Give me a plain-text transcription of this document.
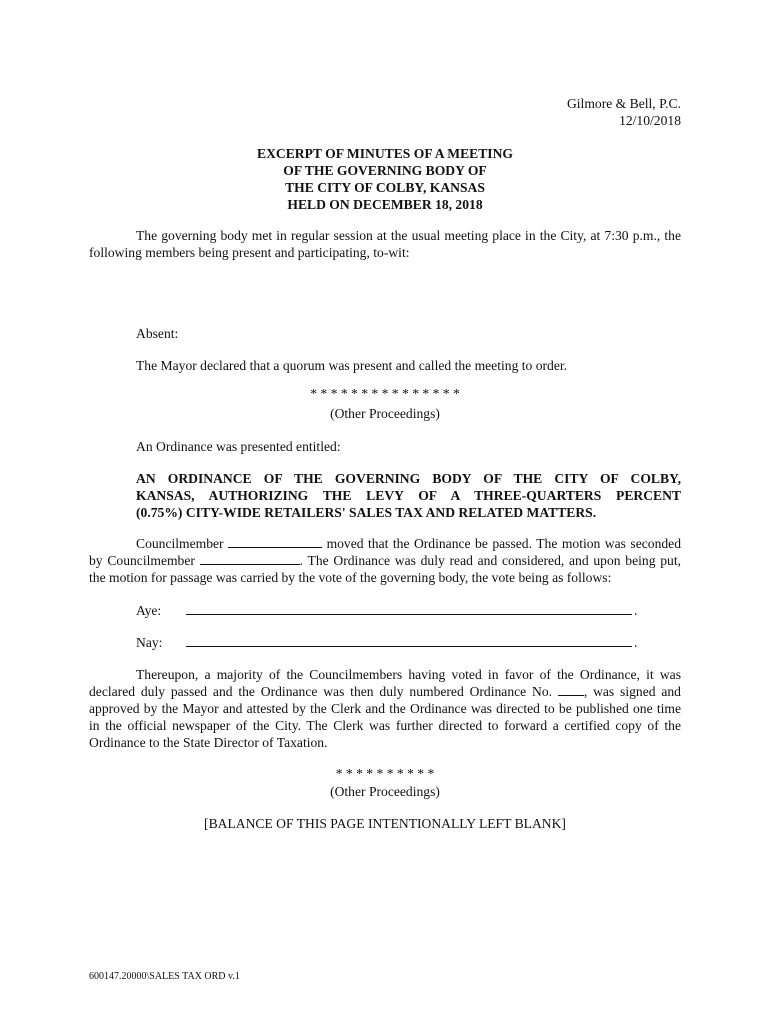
Gilmore & Bell, P.C.
12/10/2018
EXCERPT OF MINUTES OF A MEETING
OF THE GOVERNING BODY OF
THE CITY OF COLBY, KANSAS
HELD ON DECEMBER 18, 2018
The governing body met in regular session at the usual meeting place in the City, at 7:30 p.m., the
following members being present and participating, to-wit:
Absent:
The Mayor declared that a quorum was present and called the meeting to order.
* * * * * * * * * * * * * * *
(Other Proceedings)
An Ordinance was presented entitled:
AN ORDINANCE OF THE GOVERNING BODY OF THE CITY OF COLBY,
KANSAS, AUTHORIZING THE LEVY OF A THREE-QUARTERS PERCENT
(0.75%) CITY-WIDE RETAILERS' SALES TAX AND RELATED MATTERS.
Councilmember	moved that the Ordinance be passed. The motion was seconded
by Councilmember	. The Ordinance was duly read and considered, and upon being put,
the motion for passage was carried by the vote of the governing body, the vote being as follows:
Aye:	.
Nay:	.
Thereupon, a majority of the Councilmembers having voted in favor of the Ordinance, it was
declared duly passed and the Ordinance was then duly numbered Ordinance No. , was signed and
approved by the Mayor and attested by the Clerk and the Ordinance was directed to be published one time
in the official newspaper of the City. The Clerk was further directed to forward a certified copy of the
Ordinance to the State Director of Taxation.
* * * * * * * * * *
(Other Proceedings)
[BALANCE OF THIS PAGE INTENTIONALLY LEFT BLANK]
600147.20000\SALES TAX ORD v.1
